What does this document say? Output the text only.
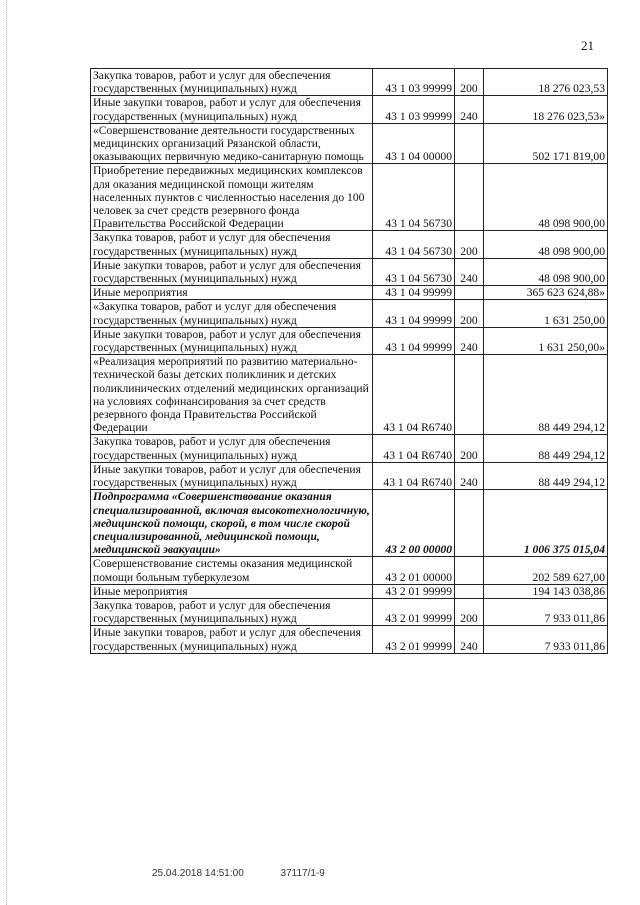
21
Закупка товаров, работ и услуг для обеспечения государственных (муниципальных) нужд	43 1 03 99999	200	18 276 023,53
Иные закупки товаров, работ и услуг для обеспечения государственных (муниципальных) нужд	43 1 03 99999	240	18 276 023,53»
«Совершенствование деятельности государственных медицинских организаций Рязанской области, оказывающих первичную медико-санитарную помощь	43 1 04 00000		502 171 819,00
Приобретение передвижных медицинских комплексов для оказания медицинской помощи жителям населенных пунктов с численностью населения до 100 человек за счет средств резервного фонда Правительства Российской Федерации	43 1 04 56730		48 098 900,00
Закупка товаров, работ и услуг для обеспечения государственных (муниципальных) нужд	43 1 04 56730	200	48 098 900,00
Иные закупки товаров, работ и услуг для обеспечения государственных (муниципальных) нужд	43 1 04 56730	240	48 098 900,00
Иные мероприятия	43 1 04 99999		365 623 624,88»
«Закупка товаров, работ и услуг для обеспечения государственных (муниципальных) нужд	43 1 04 99999	200	1 631 250,00
Иные закупки товаров, работ и услуг для обеспечения государственных (муниципальных) нужд	43 1 04 99999	240	1 631 250,00»
«Реализация мероприятий по развитию материально-технической базы детских поликлиник и детских поликлинических отделений медицинских организаций на условиях софинансирования за счет средств резервного фонда Правительства Российской Федерации	43 1 04 R6740		88 449 294,12
Закупка товаров, работ и услуг для обеспечения государственных (муниципальных) нужд	43 1 04 R6740	200	88 449 294,12
Иные закупки товаров, работ и услуг для обеспечения государственных (муниципальных) нужд	43 1 04 R6740	240	88 449 294,12
Подпрограмма «Совершенствование оказания специализированной, включая высокотехнологичную, медицинской помощи, скорой, в том числе скорой специализированной, медицинской помощи, медицинской эвакуации»	43 2 00 00000		1 006 375 015,04
Совершенствование системы оказания медицинской помощи больным туберкулезом	43 2 01 00000		202 589 627,00
Иные мероприятия	43 2 01 99999		194 143 038,86
Закупка товаров, работ и услуг для обеспечения государственных (муниципальных) нужд	43 2 01 99999	200	7 933 011,86
Иные закупки товаров, работ и услуг для обеспечения государственных (муниципальных) нужд	43 2 01 99999	240	7 933 011,86
25.04.2018 14:51:00	37117/1-9
